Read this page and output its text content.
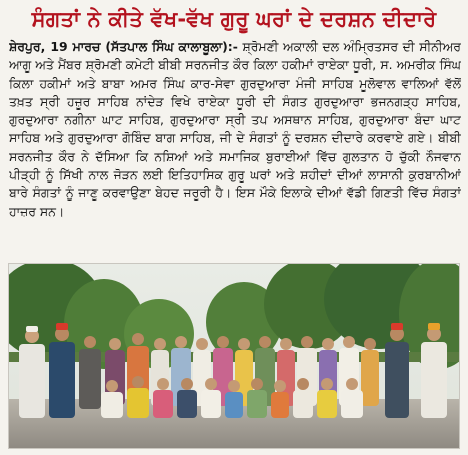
ਸੰਗਤਾਂ ਨੇ ਕੀਤੇ ਵੱਖ-ਵੱਖ ਗੁਰੂ ਘਰਾਂ ਦੇ ਦਰਸ਼ਨ ਦੀਦਾਰੇ
ਸ਼ੇਰਪੁਰ, 19 ਮਾਰਚ (ਸੱਤਪਾਲ ਸਿੰਘ ਕਾਲਾਬੂਲਾ):- ਸ਼੍ਰੋਮਣੀ ਅਕਾਲੀ ਦਲ ਅੰਮ੍ਰਿਤਸਰ ਦੀ ਸੀਨੀਅਰ ਆਗੂ ਅਤੇ ਮੈਂਬਰ ਸ਼੍ਰੋਮਣੀ ਕਮੇਟੀ ਬੀਬੀ ਸਰਨਜੀਤ ਕੌਰ ਕਿਲਾ ਹਕੀਮਾਂ ਰਾਏਕਾ ਧੂਰੀ, ਸ. ਅਮਰੀਕ ਸਿੰਘ ਕਿਲਾ ਹਕੀਮਾਂ ਅਤੇ ਬਾਬਾ ਅਮਰ ਸਿੰਘ ਕਾਰ-ਸੇਵਾ ਗੁਰਦੁਆਰਾ ਮੰਜੀ ਸਾਹਿਬ ਮੂਲੋਵਾਲ ਵਾਲਿਆਂ ਵੱਲੋਂ ਤਖ਼ਤ ਸ੍ਰੀ ਹਜ਼ੂਰ ਸਾਹਿਬ ਨਾਂਦੇੜ ਵਿਖੇ ਰਾਏਕਾ ਧੂਰੀ ਦੀ ਸੰਗਤ ਗੁਰਦੁਆਰਾ ਭਜਨਗੜ੍ਹ ਸਾਹਿਬ, ਗੁਰਦੁਆਰਾ ਨਗੀਨਾ ਘਾਟ ਸਾਹਿਬ, ਗੁਰਦੁਆਰਾ ਸ੍ਰੀ ਤਪ ਅਸਥਾਨ ਸਾਹਿਬ, ਗੁਰਦੁਆਰਾ ਬੰਦਾ ਘਾਟ ਸਾਹਿਬ ਅਤੇ ਗੁਰਦੁਆਰਾ ਗੋਬਿੰਦ ਬਾਗ ਸਾਹਿਬ, ਜੀ ਦੇ ਸੰਗਤਾਂ ਨੂੰ ਦਰਸ਼ਨ ਦੀਦਾਰੇ ਕਰਵਾਏ ਗਏ। ਬੀਬੀ ਸਰਨਜੀਤ ਕੌਰ ਨੇ ਦੱਸਿਆ ਕਿ ਨਸ਼ਿਆਂ ਅਤੇ ਸਮਾਜਿਕ ਬੁਰਾਈਆਂ ਵਿੱਚ ਗੁਲਤਾਨ ਹੋ ਚੁੱਕੀ ਨੌਜਵਾਨ ਪੀੜ੍ਹੀ ਨੂੰ ਸਿੱਖੀ ਨਾਲ ਜੋੜਨ ਲਈ ਇਤਿਹਾਸਿਕ ਗੁਰੂ ਘਰਾਂ ਅਤੇ ਸ਼ਹੀਦਾਂ ਦੀਆਂ ਲਾਸਾਨੀ ਕੁਰਬਾਨੀਆਂ ਬਾਰੇ ਸੰਗਤਾਂ ਨੂੰ ਜਾਣੂ ਕਰਵਾਉਣਾ ਬੇਹਦ ਜਰੂਰੀ ਹੈ। ਇਸ ਮੌਕੇ ਇਲਾਕੇ ਦੀਆਂ ਵੱਡੀ ਗਿਣਤੀ ਵਿੱਚ ਸੰਗਤਾਂ ਹਾਜ਼ਰ ਸਨ।
